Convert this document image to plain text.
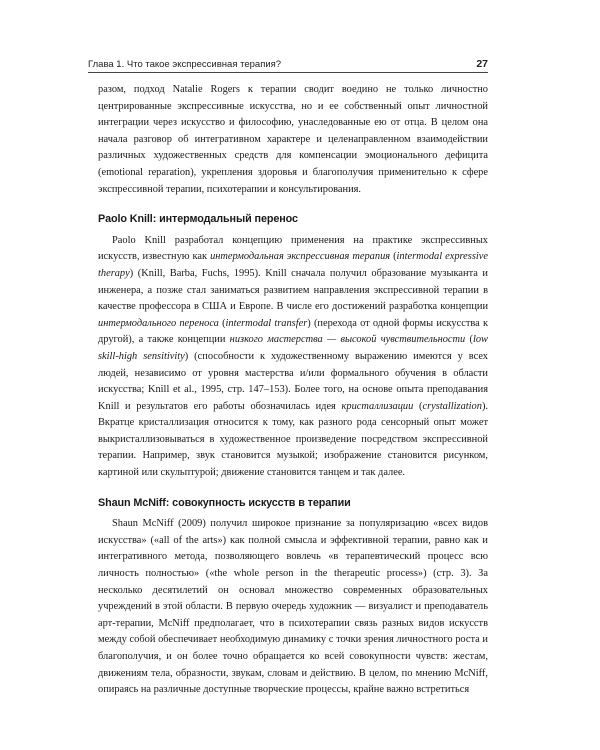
Глава 1. Что такое экспрессивная терапия?	27

разом, подход Natalie Rogers к терапии сводит воедино не только личностно центрированные экспрессивные искусства, но и ее собственный опыт личностной интеграции через искусство и философию, унаследованные ею от отца. В целом она начала разговор об интегративном характере и целенаправленном взаимодействии различных художественных средств для компенсации эмоционального дефицита (emotional reparation), укрепления здоровья и благополучия применительно к сфере экспрессивной терапии, психотерапии и консультирования.

Paolo Knill: интермодальный перенос

Paolo Knill разработал концепцию применения на практике экспрессивных искусств, известную как интермодальная экспрессивная терапия (intermodal expressive therapy) (Knill, Barba, Fuchs, 1995). Knill сначала получил образование музыканта и инженера, а позже стал заниматься развитием направления экспрессивной терапии в качестве профессора в США и Европе. В числе его достижений разработка концепции интермодального переноса (intermodal transfer) (перехода от одной формы искусства к другой), а также концепции низкого мастерства — высокой чувствительности (low skill-high sensitivity) (способности к художественному выражению имеются у всех людей, независимо от уровня мастерства и/или формального обучения в области искусства; Knill et al., 1995, стр. 147–153). Более того, на основе опыта преподавания Knill и результатов его работы обозначилась идея кристаллизации (crystallization). Вкратце кристаллизация относится к тому, как разного рода сенсорный опыт может выкристаллизовываться в художественное произведение посредством экспрессивной терапии. Например, звук становится музыкой; изображение становится рисунком, картиной или скульптурой; движение становится танцем и так далее.

Shaun McNiff: совокупность искусств в терапии

Shaun McNiff (2009) получил широкое признание за популяризацию «всех видов искусства» («all of the arts») как полной смысла и эффективной терапии, равно как и интегративного метода, позволяющего вовлечь «в терапевтический процесс всю личность полностью» («the whole person in the therapeutic process») (стр. 3). За несколько десятилетий он основал множество современных образовательных учреждений в этой области. В первую очередь художник — визуалист и преподаватель арт-терапии, McNiff предполагает, что в психотерапии связь разных видов искусств между собой обеспечивает необходимую динамику с точки зрения личностного роста и благополучия, и он более точно обращается ко всей совокупности чувств: жестам, движениям тела, образности, звукам, словам и действию. В целом, по мнению McNiff, опираясь на различные доступные творческие процессы, крайне важно встретиться
